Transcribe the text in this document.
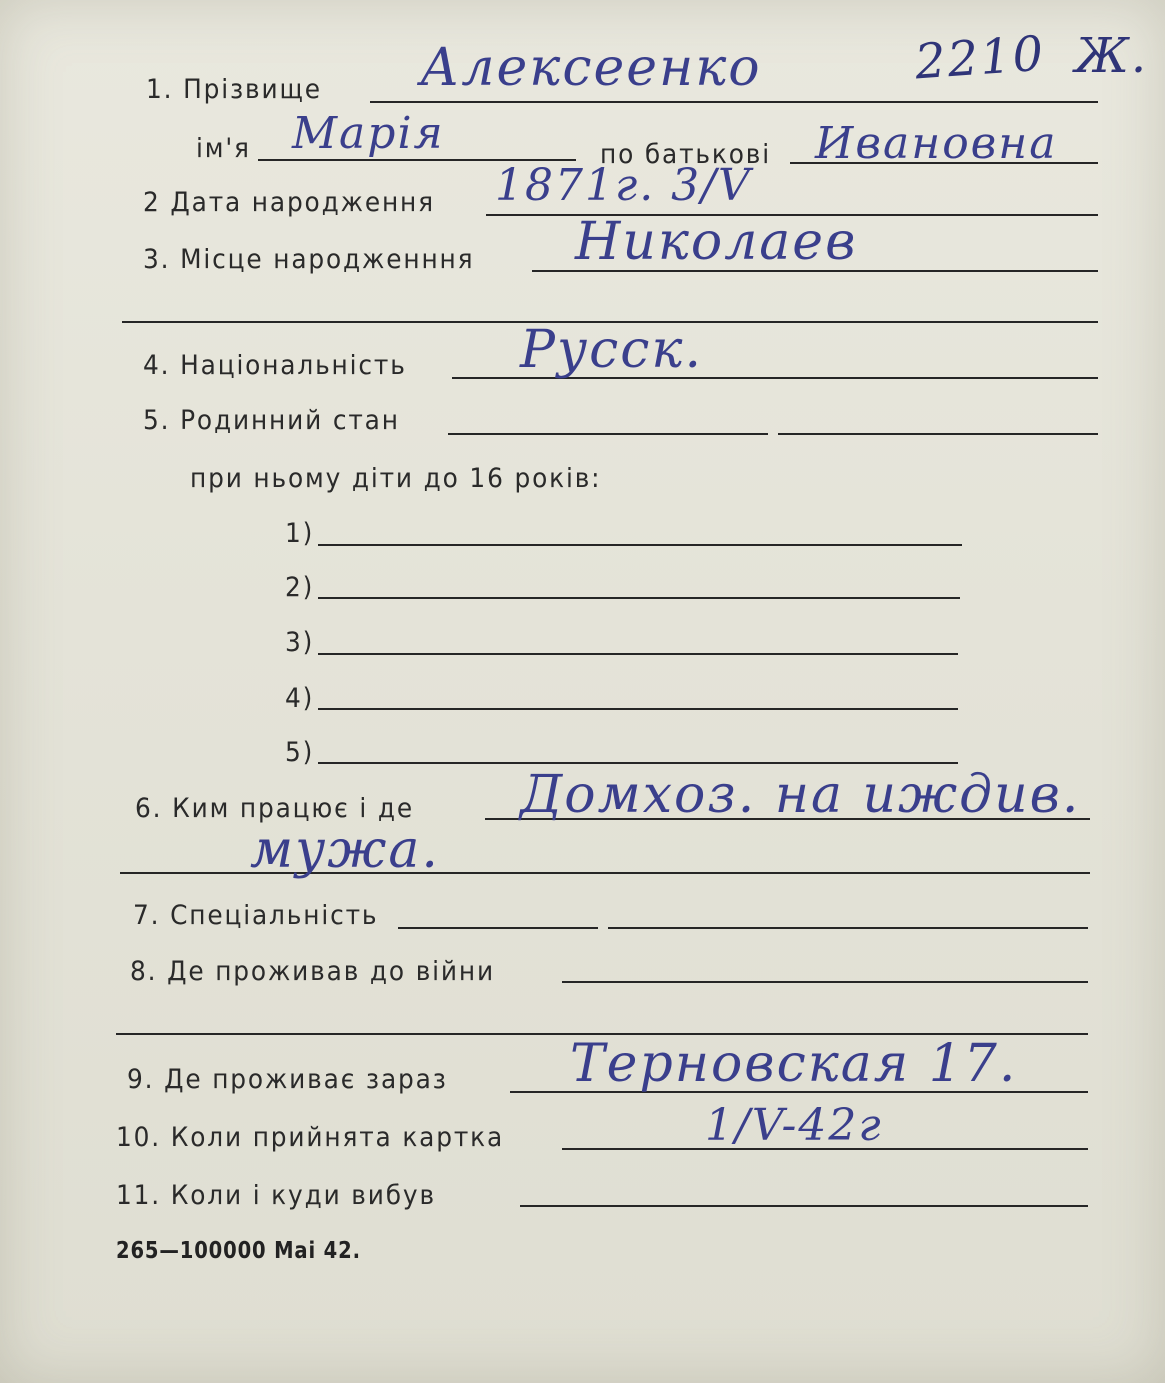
2210 Ж.
1. Прізвище Алексеенко
ім'я Марія	по батькові Ивановна
2 Дата народження 1871г. 3/V
3. Місце народженння Николаев
4. Національність Русск.
5. Родинний стан
при ньому діти до 16 років:
1)
2)
3)
4)
5)
6. Ким працює і де Домхоз. на иждив.
мужа.
7. Спеціальність
8. Де проживав до війни
9. Де проживає зараз Терновская 17.
10. Коли прийнята картка	1/V-42г
11. Коли і куди вибув
265—100000 Mai 42.
